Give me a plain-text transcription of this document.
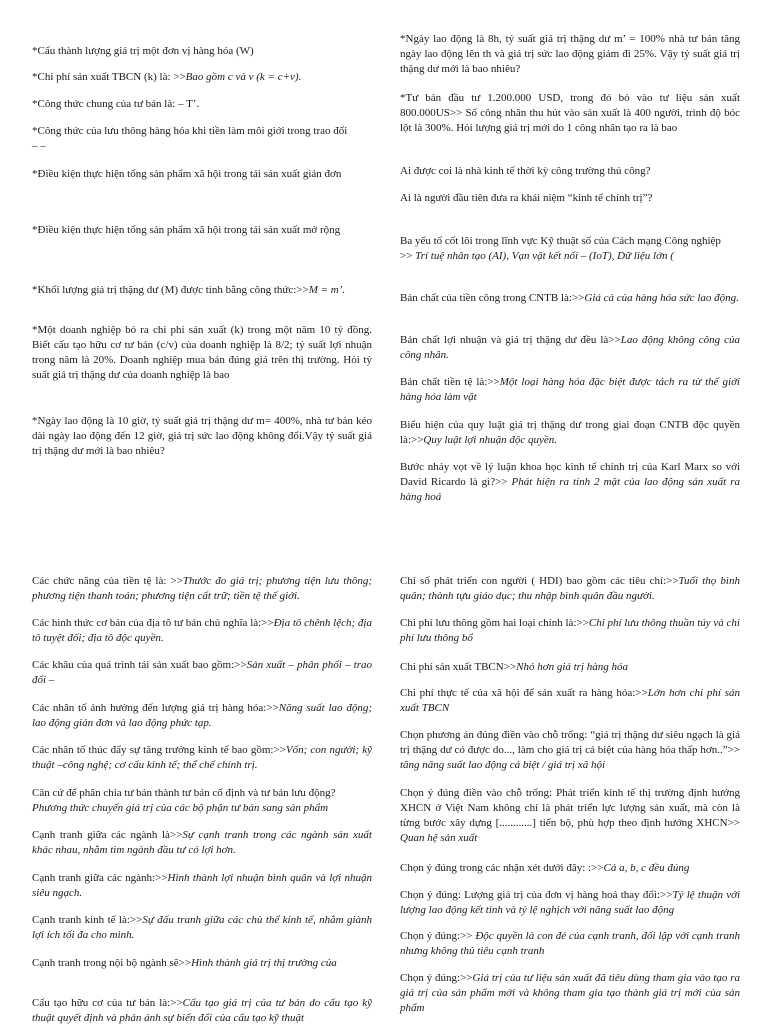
*Cấu thành lượng giá trị một đơn vị hàng hóa (W)

*Chi phí sản xuất TBCN (k) là: >>Bao gồm c và v (k = c+v).

*Công thức chung của tư bản là: – T’.

*Công thức của lưu thông hàng hóa khi tiền làm môi giới trong trao đổi
– –

*Điều kiện thực hiện tổng sản phẩm xã hội trong tái sản xuất giản đơn

*Điều kiện thực hiện tổng sản phẩm xã hội trong tái sản xuất mở rộng

*Khối lượng giá trị thặng dư (M) được tính bằng công thức:>>M = m’.

*Một doanh nghiệp bỏ ra chi phí sản xuất (k) trong một năm 10 tỷ đồng. Biết cấu tạo hữu cơ tư bản (c/v) của doanh nghiệp là 8/2; tỷ suất lợi nhuận trong năm là 20%. Doanh nghiệp mua bán đúng giá trên thị trường. Hỏi tỷ suất giá trị thặng dư của doanh nghiệp là bao

*Ngày lao động là 10 giờ, tỷ suất giá trị thặng dư m= 400%, nhà tư bản kéo dài ngày lao động đến 12 giờ, giá trị sức lao động không đổi.Vậy tỷ suất giá trị thặng dư mới là bao nhiêu?

*Ngày lao động là 8h, tỷ suất giá trị thặng dư m’ = 100% nhà tư bản tăng ngày lao động lên th và giá trị sức lao động giảm đi 25%. Vậy tỷ suất giá trị thặng dư mới là bao nhiêu?

*Tư bản đầu tư 1.200.000 USD, trong đó bỏ vào tư liệu sản xuất 800.000US>> Số công nhân thu hút vào sản xuất là 400 người, trình độ bóc lột là 300%. Hỏi lượng giá trị mới do 1 công nhân tạo ra là bao

Ai được coi là nhà kinh tế thời kỳ công trường thủ công?

Ai là người đầu tiên đưa ra khái niệm “kinh tế chính trị”?

Ba yếu tố cốt lõi trong lĩnh vực Kỹ thuật số của Cách mạng Công nghiệp
>> Trí tuệ nhân tạo (AI), Vạn vật kết nối – (IoT), Dữ liệu lớn (

Bản chất của tiền công trong CNTB là:>>Giá cả của hàng hóa sức lao động.

Bản chất lợi nhuận và giá trị thặng dư đều là>>Lao động không công của công nhân.

Bản chất tiền tệ là:>>Một loại hàng hóa đặc biệt được tách ra từ thế giới hàng hóa làm vật

Biểu hiện của quy luật giá trị thặng dư trong giai đoạn CNTB độc quyền là:>>Quy luật lợi nhuận độc quyền.

Bước nhảy vọt về lý luận khoa học kinh tế chính trị của Karl Marx so với David Ricardo là gì?>> Phát hiện ra tính 2 mặt của lao động sản xuất ra hàng hoá

Các chức năng của tiền tệ là: >>Thước đo giá trị; phương tiện lưu thông; phương tiện thanh toán; phương tiện cất trữ; tiền tệ thế giới.

Các hình thức cơ bản của địa tô tư bản chủ nghĩa là:>>Địa tô chênh lệch; địa tô tuyệt đối; địa tô độc quyền.

Các khâu của quá trình tái sản xuất bao gồm:>>Sản xuất – phân phối – trao đổi –

Các nhân tố ảnh hưởng đến lượng giá trị hàng hóa:>>Năng suất lao động; lao động giản đơn và lao động phức tạp.

Các nhân tố thúc đẩy sự tăng trưởng kinh tế bao gồm:>>Vốn; con người; kỹ thuật –công nghệ; cơ cấu kinh tế; thể chế chính trị.

Căn cứ để phân chia tư bản thành tư bản cố định và tư bản lưu động?
Phương thức chuyển giá trị của các bộ phận tư bản sang sản phẩm

Cạnh tranh giữa các ngành là>>Sự cạnh tranh trong các ngành sản xuất khác nhau, nhằm tìm ngành đầu tư có lợi hơn.

Cạnh tranh giữa các ngành:>>Hình thành lợi nhuận bình quân và lợi nhuận siêu ngạch.

Cạnh tranh kinh tế là:>>Sự đấu tranh giữa các chủ thể kinh tế, nhằm giành lợi ích tối đa cho mình.

Cạnh tranh trong nội bộ ngành sẽ>>Hình thành giá trị thị trường của

Cấu tạo hữu cơ của tư bản là:>>Cấu tạo giá trị của tư bản do cấu tạo kỹ thuật quyết định và phản ánh sự biến đổi của cấu tạo kỹ thuật

Chỉ số phát triển con người ( HDI) bao gồm các tiêu chí:>>Tuổi thọ bình quân; thành tựu giáo dục; thu nhập bình quân đầu người.

Chi phí lưu thông gồm hai loại chính là:>>Chi phí lưu thông thuần túy và chi phí lưu thông bổ

Chi phí sản xuất TBCN>>Nhỏ hơn giá trị hàng hóa

Chi phí thực tế của xã hội để sản xuất ra hàng hóa:>>Lớn hơn chi phí sản xuất TBCN

Chọn phương án đúng điền vào chỗ trống: “giá trị thặng dư siêu ngạch là giá trị thặng dư có được do..., làm cho giá trị cá biệt của hàng hóa thấp hơn..”>> tăng năng suất lao động cá biệt / giá trị xã hội

Chọn ý đúng điền vào chỗ trống: Phát triển kinh tế thị trường định hướng XHCN ở Việt Nam không chỉ là phát triển lực lượng sản xuất, mà còn là từng bước xây dựng [............] tiến bộ, phù hợp theo định hướng XHCN>> Quan hệ sản xuất

Chọn ý đúng trong các nhận xét dưới đây: :>>Cả a, b, c đều đúng

Chọn ý đúng: Lượng giá trị của đơn vị hàng hoá thay đổi:>>Tỷ lệ thuận với lượng lao động kết tinh và tỷ lệ nghịch với năng suất lao động

Chọn ý đúng:>> Độc quyền là con đẻ của cạnh tranh, đối lập với cạnh tranh nhưng không thủ tiêu cạnh tranh

Chọn ý đúng:>>Giá trị của tư liệu sản xuất đã tiêu dùng tham gia vào tạo ra giá trị của sản phẩm mới và không tham gia tạo thành giá trị mới của sản phẩm
